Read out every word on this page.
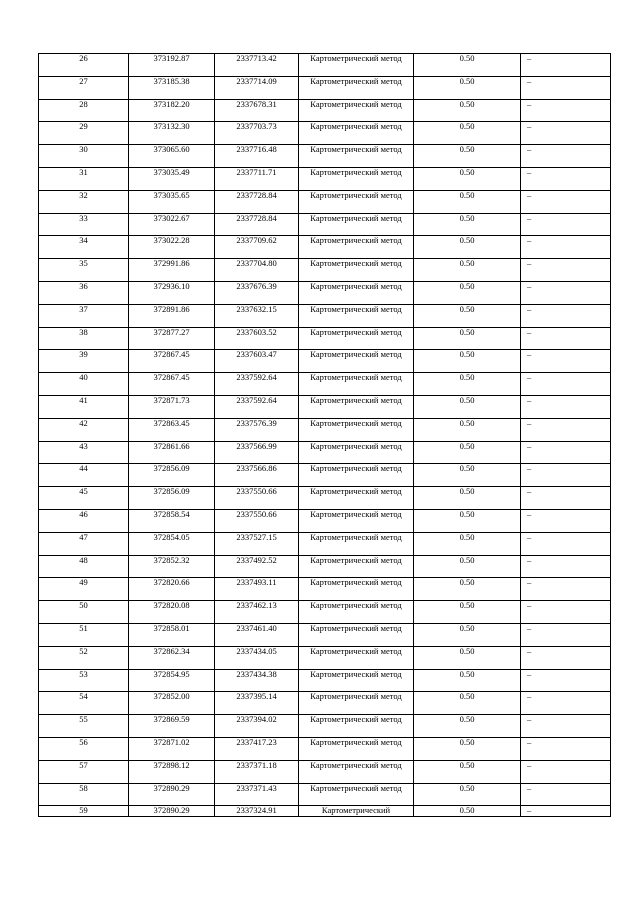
26	373192.87	2337713.42	Картометрический метод	0.50	–
27	373185.38	2337714.09	Картометрический метод	0.50	–
28	373182.20	2337678.31	Картометрический метод	0.50	–
29	373132.30	2337703.73	Картометрический метод	0.50	–
30	373065.60	2337716.48	Картометрический метод	0.50	–
31	373035.49	2337711.71	Картометрический метод	0.50	–
32	373035.65	2337728.84	Картометрический метод	0.50	–
33	373022.67	2337728.84	Картометрический метод	0.50	–
34	373022.28	2337709.62	Картометрический метод	0.50	–
35	372991.86	2337704.80	Картометрический метод	0.50	–
36	372936.10	2337676.39	Картометрический метод	0.50	–
37	372891.86	2337632.15	Картометрический метод	0.50	–
38	372877.27	2337603.52	Картометрический метод	0.50	–
39	372867.45	2337603.47	Картометрический метод	0.50	–
40	372867.45	2337592.64	Картометрический метод	0.50	–
41	372871.73	2337592.64	Картометрический метод	0.50	–
42	372863.45	2337576.39	Картометрический метод	0.50	–
43	372861.66	2337566.99	Картометрический метод	0.50	–
44	372856.09	2337566.86	Картометрический метод	0.50	–
45	372856.09	2337550.66	Картометрический метод	0.50	–
46	372858.54	2337550.66	Картометрический метод	0.50	–
47	372854.05	2337527.15	Картометрический метод	0.50	–
48	372852.32	2337492.52	Картометрический метод	0.50	–
49	372820.66	2337493.11	Картометрический метод	0.50	–
50	372820.08	2337462.13	Картометрический метод	0.50	–
51	372858.01	2337461.40	Картометрический метод	0.50	–
52	372862.34	2337434.05	Картометрический метод	0.50	–
53	372854.95	2337434.38	Картометрический метод	0.50	–
54	372852.00	2337395.14	Картометрический метод	0.50	–
55	372869.59	2337394.02	Картометрический метод	0.50	–
56	372871.02	2337417.23	Картометрический метод	0.50	–
57	372898.12	2337371.18	Картометрический метод	0.50	–
58	372890.29	2337371.43	Картометрический метод	0.50	–
59	372890.29	2337324.91	Картометрический	0.50	–
